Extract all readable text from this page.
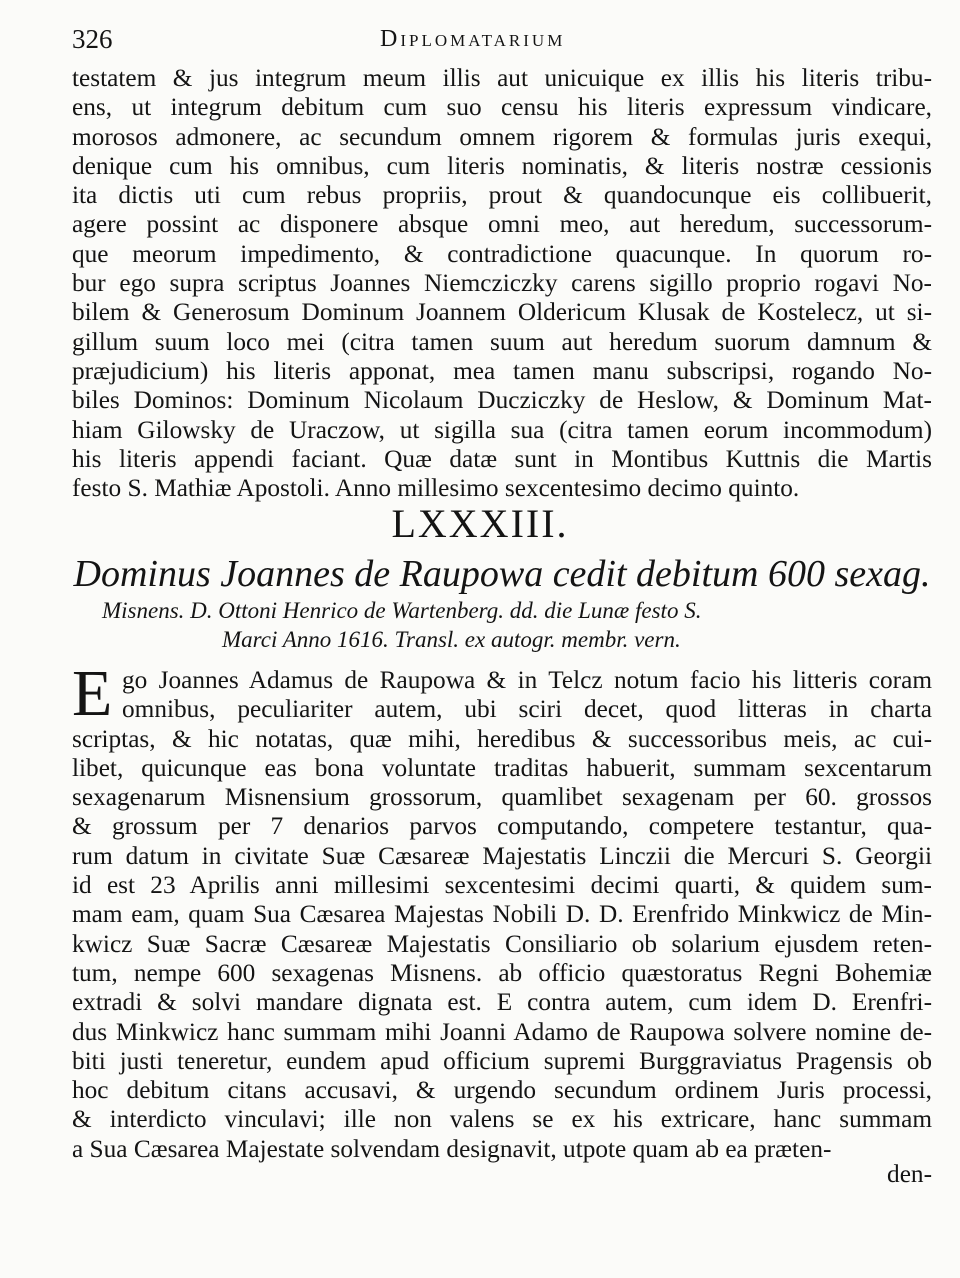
326	Diplomatarium
testatem & jus integrum meum illis aut unicuique ex illis his literis tribu-
ens, ut integrum debitum cum suo censu his literis expressum vindicare,
morosos admonere, ac secundum omnem rigorem & formulas juris exequi,
denique cum his omnibus, cum literis nominatis, & literis nostræ cessionis
ita dictis uti cum rebus propriis, prout & quandocunque eis collibuerit,
agere possint ac disponere absque omni meo, aut heredum, successorum-
que meorum impedimento, & contradictione quacunque. In quorum ro-
bur ego supra scriptus Joannes Niemcziczky carens sigillo proprio rogavi No-
bilem & Generosum Dominum Joannem Oldericum Klusak de Kostelecz, ut si-
gillum suum loco mei (citra tamen suum aut heredum suorum damnum &
præjudicium) his literis apponat, mea tamen manu subscripsi, rogando No-
biles Dominos: Dominum Nicolaum Ducziczky de Heslow, & Dominum Mat-
hiam Gilowsky de Uraczow, ut sigilla sua (citra tamen eorum incommodum)
his literis appendi faciant. Quæ datæ sunt in Montibus Kuttnis die Martis
festo S. Mathiæ Apostoli. Anno millesimo sexcentesimo decimo quinto.
LXXXIII.
Dominus Joannes de Raupowa cedit debitum 600 sexag.
Misnens. D. Ottoni Henrico de Wartenberg. dd. die Lunæ festo S.
Marci Anno 1616. Transl. ex autogr. membr. vern.
E go Joannes Adamus de Raupowa & in Telcz notum facio his litteris coram
omnibus, peculiariter autem, ubi sciri decet, quod litteras in charta
scriptas, & hic notatas, quæ mihi, heredibus & successoribus meis, ac cui-
libet, quicunque eas bona voluntate traditas habuerit, summam sexcentarum
sexagenarum Misnensium grossorum, quamlibet sexagenam per 60. grossos
& grossum per 7 denarios parvos computando, competere testantur, qua-
rum datum in civitate Suæ Cæsareæ Majestatis Linczii die Mercuri S. Georgii
id est 23 Aprilis anni millesimi sexcentesimi decimi quarti, & quidem sum-
mam eam, quam Sua Cæsarea Majestas Nobili D. D. Erenfrido Minkwicz de Min-
kwicz Suæ Sacræ Cæsareæ Majestatis Consiliario ob solarium ejusdem reten-
tum, nempe 600 sexagenas Misnens. ab officio quæstoratus Regni Bohemiæ
extradi & solvi mandare dignata est. E contra autem, cum idem D. Erenfri-
dus Minkwicz hanc summam mihi Joanni Adamo de Raupowa solvere nomine de-
biti justi teneretur, eundem apud officium supremi Burggraviatus Pragensis ob
hoc debitum citans accusavi, & urgendo secundum ordinem Juris processi,
& interdicto vinculavi; ille non valens se ex his extricare, hanc summam
a Sua Cæsarea Majestate solvendam designavit, utpote quam ab ea præten-
den-
